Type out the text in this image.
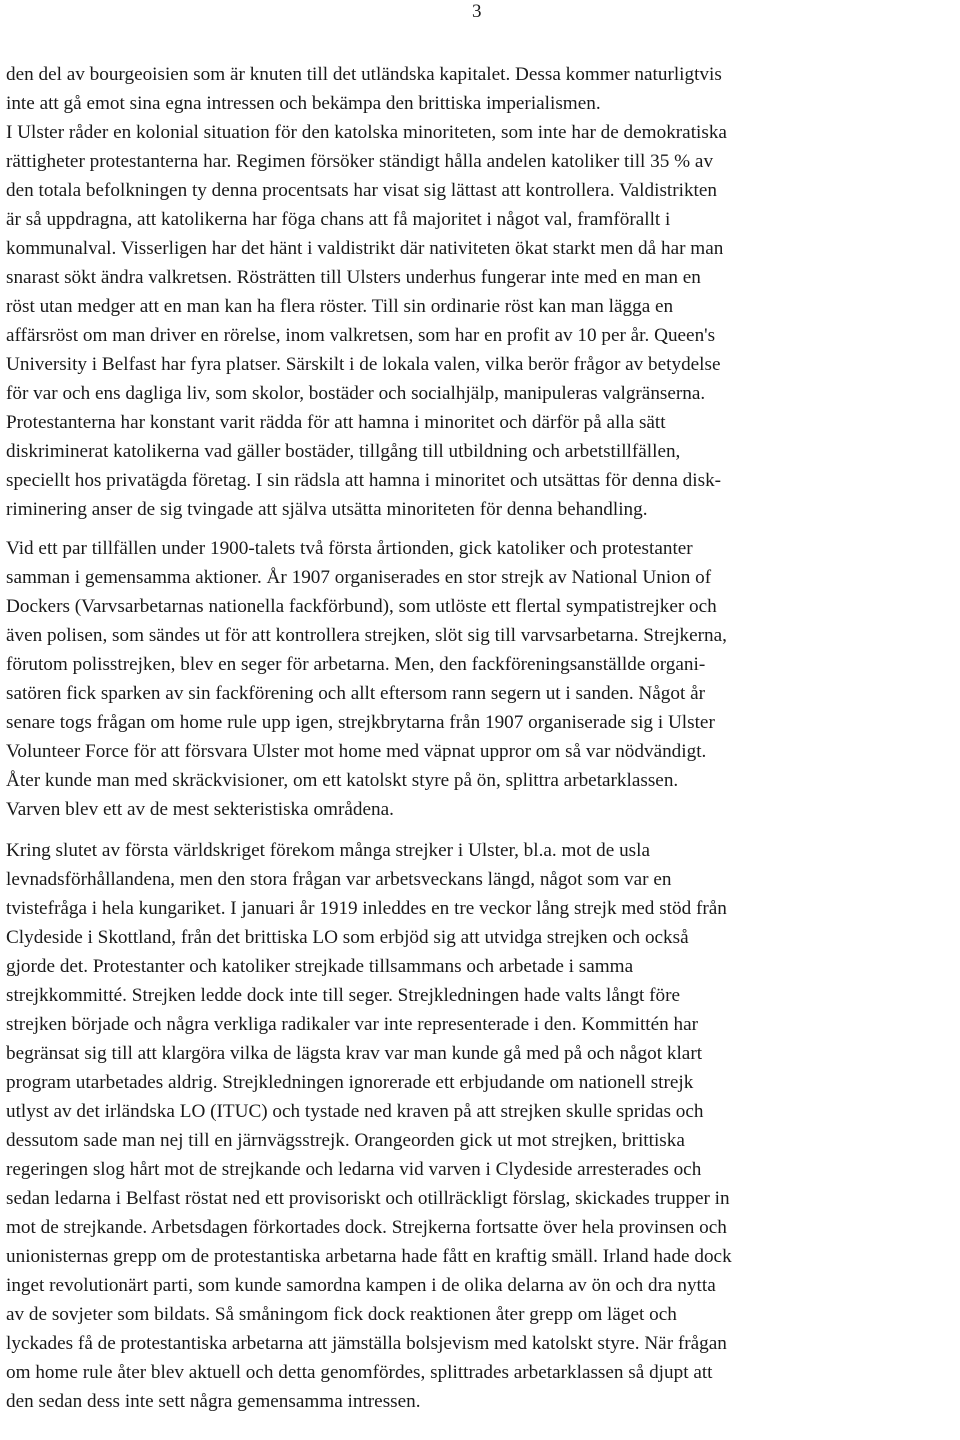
3
den del av bourgeoisien som är knuten till det utländska kapitalet. Dessa kommer naturligtvis
inte att gå emot sina egna intressen och bekämpa den brittiska imperialismen.
I Ulster råder en kolonial situation för den katolska minoriteten, som inte har de demokratiska
rättigheter protestanterna har. Regimen försöker ständigt hålla andelen katoliker till 35 % av
den totala befolkningen ty denna procentsats har visat sig lättast att kontrollera. Valdistrikten
är så uppdragna, att katolikerna har föga chans att få majoritet i något val, framförallt i
kommunalval. Visserligen har det hänt i valdistrikt där nativiteten ökat starkt men då har man
snarast sökt ändra valkretsen. Rösträtten till Ulsters underhus fungerar inte med en man en
röst utan medger att en man kan ha flera röster. Till sin ordinarie röst kan man lägga en
affärsröst om man driver en rörelse, inom valkretsen, som har en profit av 10 per år. Queen's
University i Belfast har fyra platser. Särskilt i de lokala valen, vilka berör frågor av betydelse
för var och ens dagliga liv, som skolor, bostäder och socialhjälp, manipuleras valgränserna.
Protestanterna har konstant varit rädda för att hamna i minoritet och därför på alla sätt
diskriminerat katolikerna vad gäller bostäder, tillgång till utbildning och arbetstillfällen,
speciellt hos privatägda företag. I sin rädsla att hamna i minoritet och utsättas för denna disk-
riminering anser de sig tvingade att själva utsätta minoriteten för denna behandling.
Vid ett par tillfällen under 1900-talets två första årtionden, gick katoliker och protestanter
samman i gemensamma aktioner. År 1907 organiserades en stor strejk av National Union of
Dockers (Varvsarbetarnas nationella fackförbund), som utlöste ett flertal sympatistrejker och
även polisen, som sändes ut för att kontrollera strejken, slöt sig till varvsarbetarna. Strejkerna,
förutom polisstrejken, blev en seger för arbetarna. Men, den fackföreningsanställde organi-
satören fick sparken av sin fackförening och allt eftersom rann segern ut i sanden. Något år
senare togs frågan om home rule upp igen, strejkbrytarna från 1907 organiserade sig i Ulster
Volunteer Force för att försvara Ulster mot home med väpnat uppror om så var nödvändigt.
Åter kunde man med skräckvisioner, om ett katolskt styre på ön, splittra arbetarklassen.
Varven blev ett av de mest sekteristiska områdena.
Kring slutet av första världskriget förekom många strejker i Ulster, bl.a. mot de usla
levnadsförhållandena, men den stora frågan var arbetsveckans längd, något som var en
tvistefråga i hela kungariket. I januari år 1919 inleddes en tre veckor lång strejk med stöd från
Clydeside i Skottland, från det brittiska LO som erbjöd sig att utvidga strejken och också
gjorde det. Protestanter och katoliker strejkade tillsammans och arbetade i samma
strejkkommitté. Strejken ledde dock inte till seger. Strejkledningen hade valts långt före
strejken började och några verkliga radikaler var inte representerade i den. Kommittén har
begränsat sig till att klargöra vilka de lägsta krav var man kunde gå med på och något klart
program utarbetades aldrig. Strejkledningen ignorerade ett erbjudande om nationell strejk
utlyst av det irländska LO (ITUC) och tystade ned kraven på att strejken skulle spridas och
dessutom sade man nej till en järnvägsstrejk. Orangeorden gick ut mot strejken, brittiska
regeringen slog hårt mot de strejkande och ledarna vid varven i Clydeside arresterades och
sedan ledarna i Belfast röstat ned ett provisoriskt och otillräckligt förslag, skickades trupper in
mot de strejkande. Arbetsdagen förkortades dock. Strejkerna fortsatte över hela provinsen och
unionisternas grepp om de protestantiska arbetarna hade fått en kraftig smäll. Irland hade dock
inget revolutionärt parti, som kunde samordna kampen i de olika delarna av ön och dra nytta
av de sovjeter som bildats. Så småningom fick dock reaktionen åter grepp om läget och
lyckades få de protestantiska arbetarna att jämställa bolsjevism med katolskt styre. När frågan
om home rule åter blev aktuell och detta genomfördes, splittrades arbetarklassen så djupt att
den sedan dess inte sett några gemensamma intressen.
